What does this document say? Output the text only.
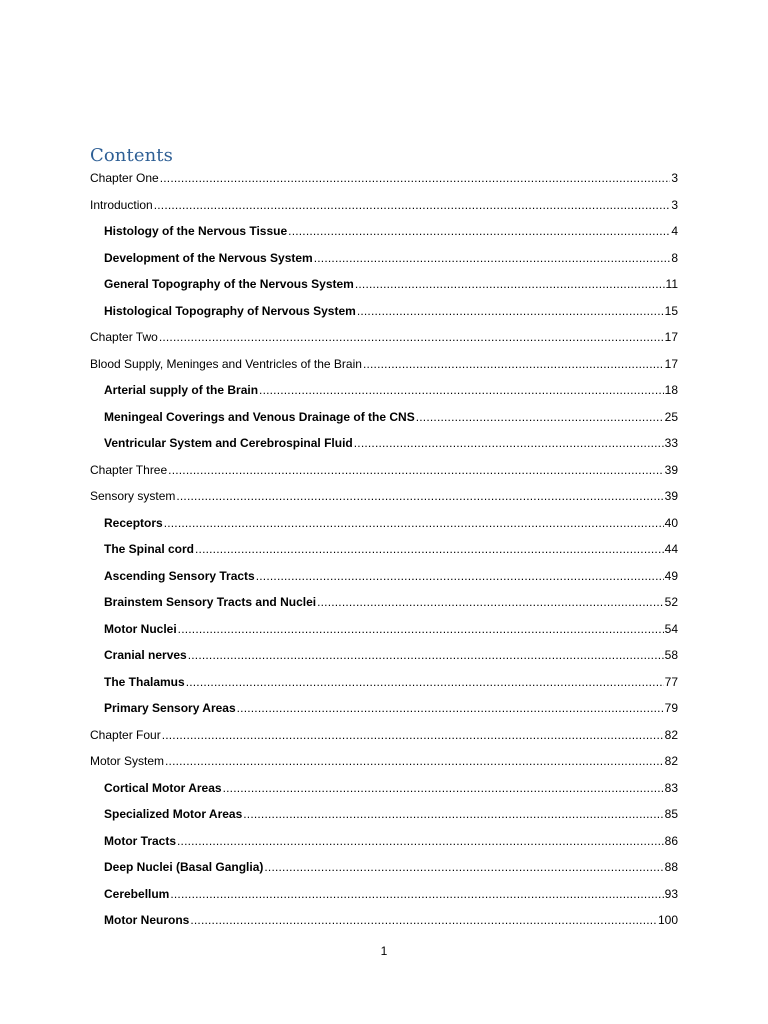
Contents
Chapter One .....	3
Introduction .....	3
Histology of the Nervous Tissue .....	4
Development of the Nervous System .....	8
General Topography of the Nervous System .....	11
Histological Topography of Nervous System .....	15
Chapter Two .....	17
Blood Supply, Meninges and Ventricles of the Brain .....	17
Arterial supply of the Brain .....	18
Meningeal Coverings and Venous Drainage of the CNS .....	25
Ventricular System and Cerebrospinal Fluid .....	33
Chapter Three .....	39
Sensory system .....	39
Receptors .....	40
The Spinal cord .....	44
Ascending Sensory Tracts .....	49
Brainstem Sensory Tracts and Nuclei .....	52
Motor Nuclei .....	54
Cranial nerves .....	58
The Thalamus .....	77
Primary Sensory Areas .....	79
Chapter Four .....	82
Motor System .....	82
Cortical Motor Areas .....	83
Specialized Motor Areas .....	85
Motor Tracts .....	86
Deep Nuclei (Basal Ganglia) .....	88
Cerebellum .....	93
Motor Neurons .....	100
1
